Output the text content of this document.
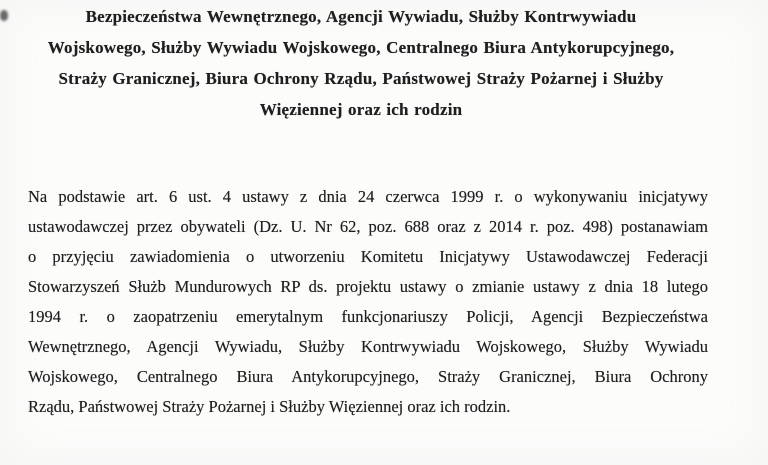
Bezpieczeństwa Wewnętrznego, Agencji Wywiadu, Służby Kontrwywiadu
Wojskowego, Służby Wywiadu Wojskowego, Centralnego Biura Antykorupcyjnego,
Straży Granicznej, Biura Ochrony Rządu, Państwowej Straży Pożarnej i Służby
Więziennej oraz ich rodzin
Na podstawie art. 6 ust. 4 ustawy z dnia 24 czerwca 1999 r. o wykonywaniu inicjatywy
ustawodawczej przez obywateli (Dz. U. Nr 62, poz. 688 oraz z 2014 r. poz. 498) postanawiam
o przyjęciu zawiadomienia o utworzeniu Komitetu Inicjatywy Ustawodawczej Federacji
Stowarzyszeń Służb Mundurowych RP ds. projektu ustawy o zmianie ustawy z dnia 18 lutego
1994 r. o zaopatrzeniu emerytalnym funkcjonariuszy Policji, Agencji Bezpieczeństwa
Wewnętrznego, Agencji Wywiadu, Służby Kontrwywiadu Wojskowego, Służby Wywiadu
Wojskowego, Centralnego Biura Antykorupcyjnego, Straży Granicznej, Biura Ochrony
Rządu, Państwowej Straży Pożarnej i Służby Więziennej oraz ich rodzin.
